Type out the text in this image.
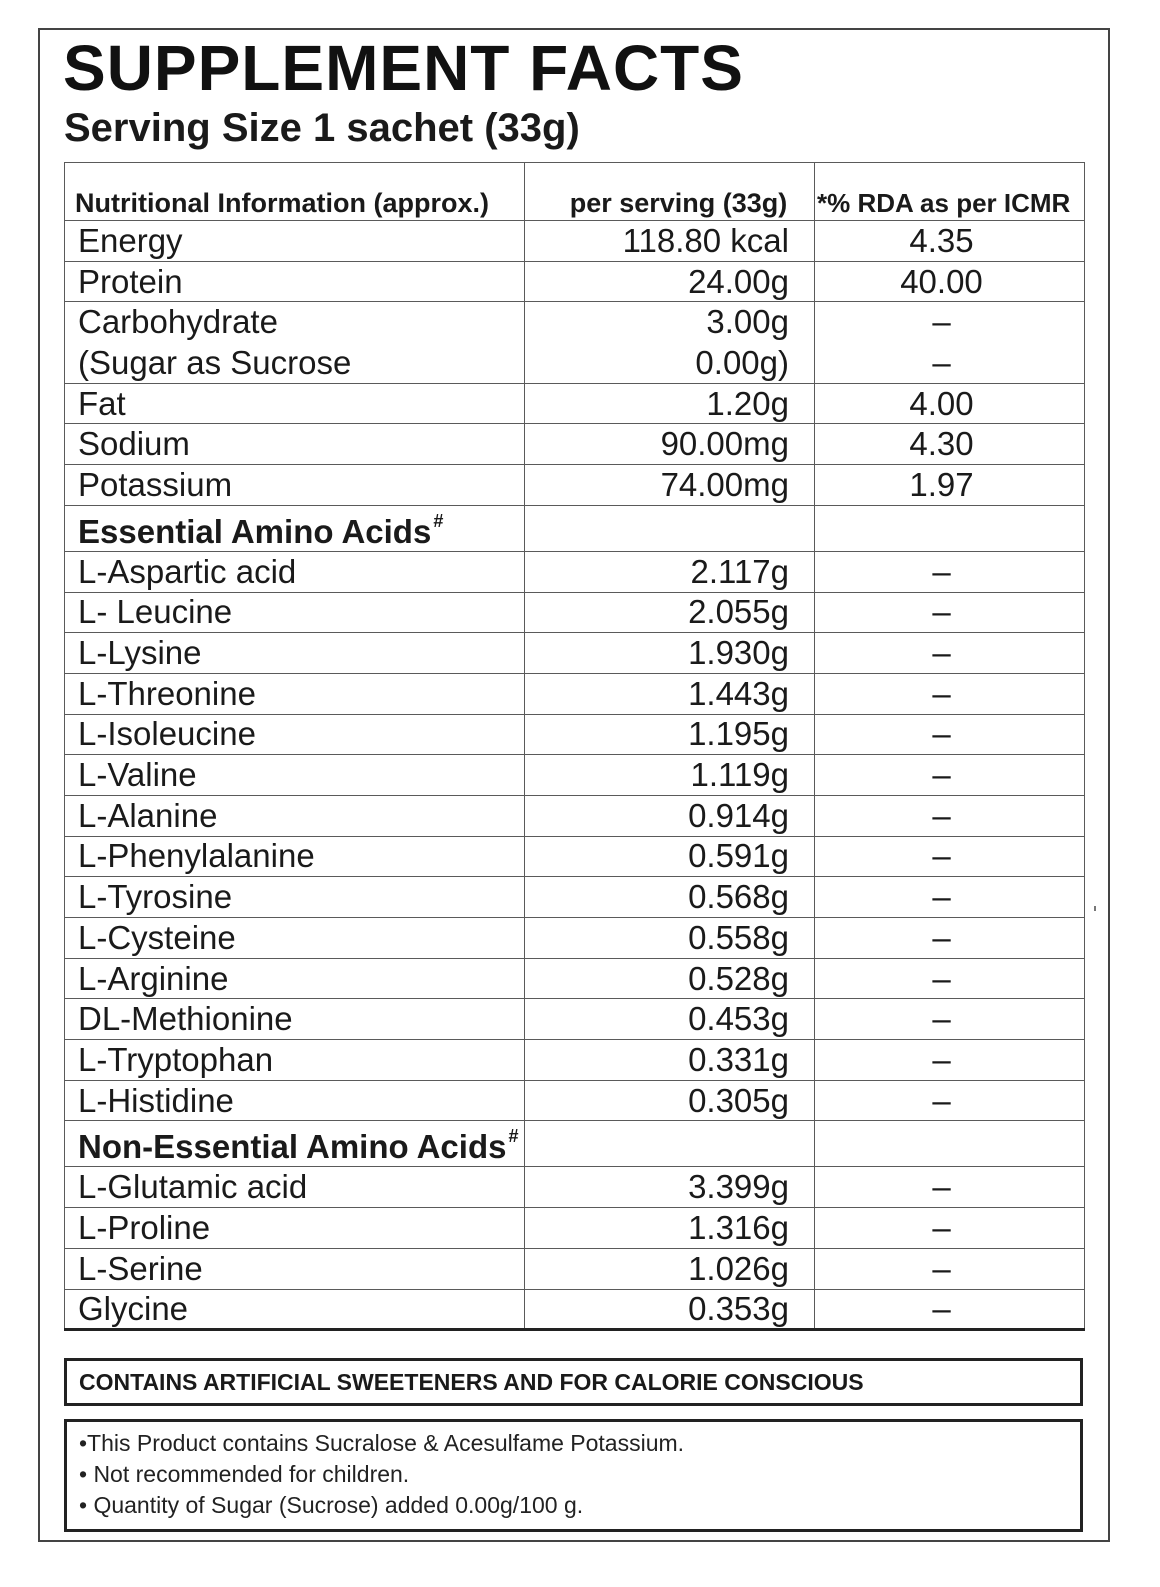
SUPPLEMENT FACTS
Serving Size 1 sachet (33g)
Nutritional Information (approx.)	per serving (33g)	*% RDA as per ICMR
Energy	118.80 kcal	4.35
Protein	24.00g	40.00
Carbohydrate	3.00g	–
(Sugar as Sucrose	0.00g)	–
Fat	1.20g	4.00
Sodium	90.00mg	4.30
Potassium	74.00mg	1.97
Essential Amino Acids #		
L-Aspartic acid	2.117g	–
L- Leucine	2.055g	–
L-Lysine	1.930g	–
L-Threonine	1.443g	–
L-Isoleucine	1.195g	–
L-Valine	1.119g	–
L-Alanine	0.914g	–
L-Phenylalanine	0.591g	–
L-Tyrosine	0.568g	–
L-Cysteine	0.558g	–
L-Arginine	0.528g	–
DL-Methionine	0.453g	–
L-Tryptophan	0.331g	–
L-Histidine	0.305g	–
Non-Essential Amino Acids #		
L-Glutamic acid	3.399g	–
L-Proline	1.316g	–
L-Serine	1.026g	–
Glycine	0.353g	–
CONTAINS ARTIFICIAL SWEETENERS AND FOR CALORIE CONSCIOUS
•This Product contains Sucralose & Acesulfame Potassium.
• Not recommended for children.
• Quantity of Sugar (Sucrose) added 0.00g/100 g.
